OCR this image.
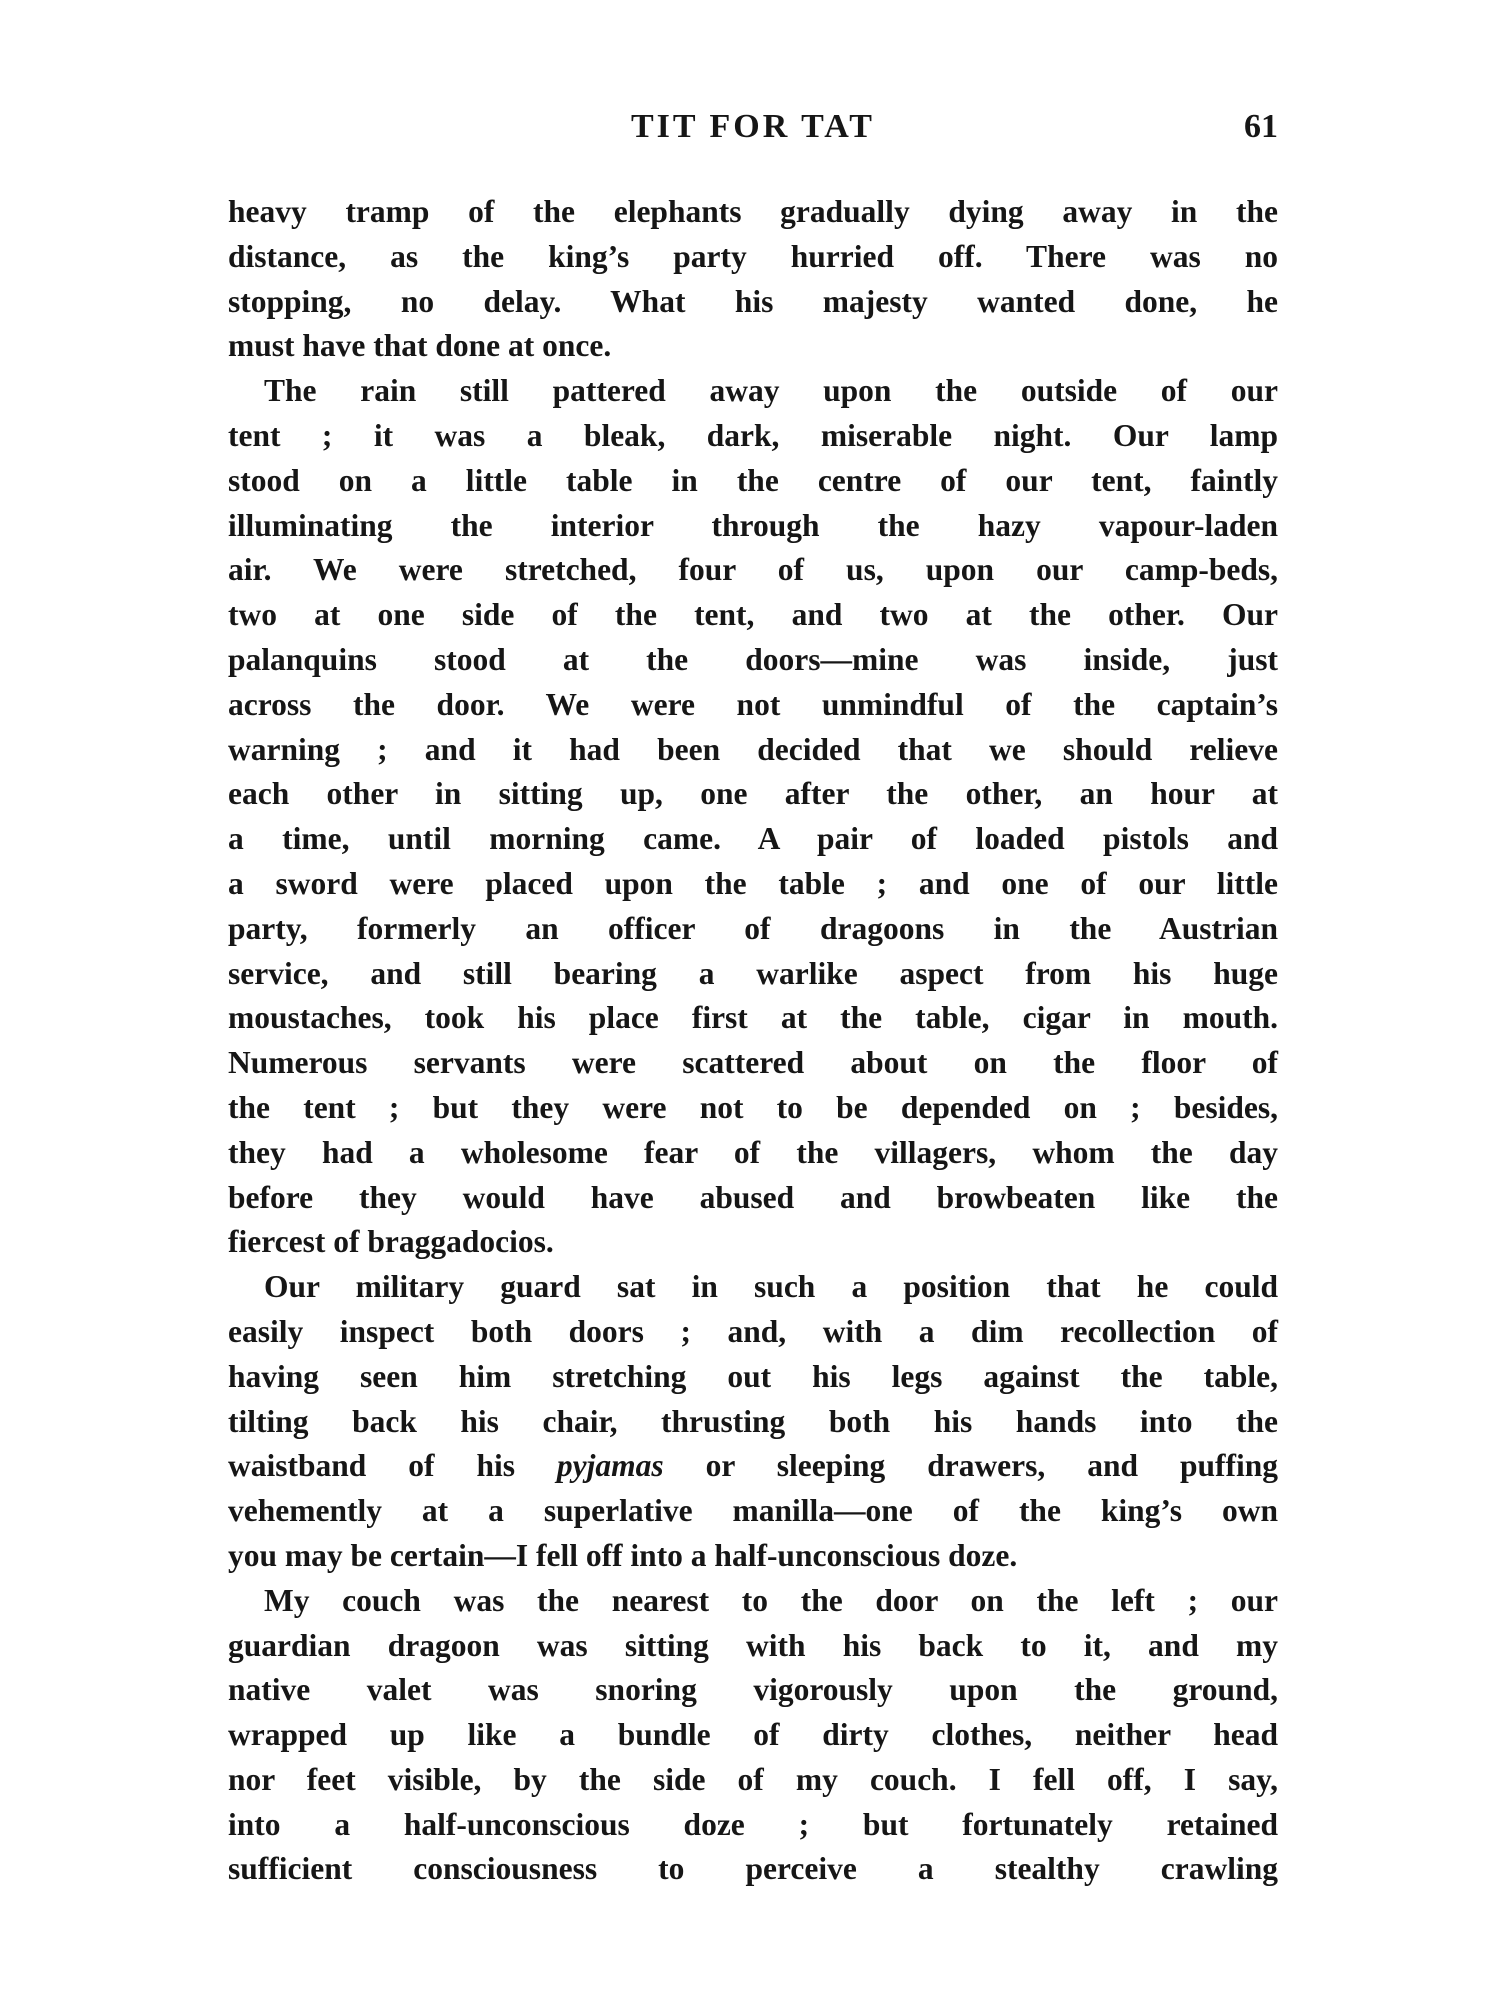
TIT FOR TAT	61

heavy tramp of the elephants gradually dying away in the
distance, as the king’s party hurried off. There was no
stopping, no delay. What his majesty wanted done, he
must have that done at once.

The rain still pattered away upon the outside of our
tent ; it was a bleak, dark, miserable night. Our lamp
stood on a little table in the centre of our tent, faintly
illuminating the interior through the hazy vapour-laden
air. We were stretched, four of us, upon our camp-beds,
two at one side of the tent, and two at the other. Our
palanquins stood at the doors—mine was inside, just
across the door. We were not unmindful of the captain’s
warning ; and it had been decided that we should relieve
each other in sitting up, one after the other, an hour at
a time, until morning came. A pair of loaded pistols and
a sword were placed upon the table ; and one of our little
party, formerly an officer of dragoons in the Austrian
service, and still bearing a warlike aspect from his huge
moustaches, took his place first at the table, cigar in mouth.
Numerous servants were scattered about on the floor of
the tent ; but they were not to be depended on ; besides,
they had a wholesome fear of the villagers, whom the day
before they would have abused and browbeaten like the
fiercest of braggadocios.

Our military guard sat in such a position that he could
easily inspect both doors ; and, with a dim recollection of
having seen him stretching out his legs against the table,
tilting back his chair, thrusting both his hands into the
waistband of his pyjamas or sleeping drawers, and puffing
vehemently at a superlative manilla—one of the king’s own
you may be certain—I fell off into a half-unconscious doze.

My couch was the nearest to the door on the left ; our
guardian dragoon was sitting with his back to it, and my
native valet was snoring vigorously upon the ground,
wrapped up like a bundle of dirty clothes, neither head
nor feet visible, by the side of my couch. I fell off, I say,
into a half-unconscious doze ; but fortunately retained
sufficient consciousness to perceive a stealthy crawling
